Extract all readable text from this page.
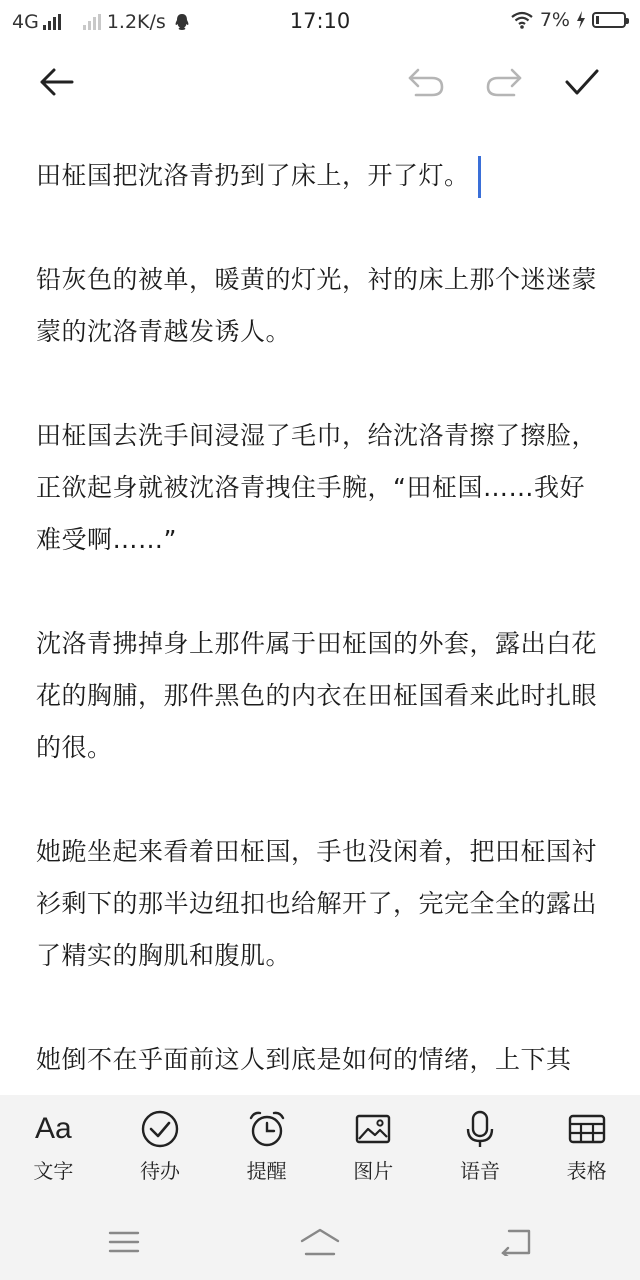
4G	1.2K/s	17:10	7%

田柾国把沈洛青扔到了床上，开了灯。

铅灰色的被单，暖黄的灯光，衬的床上那个迷迷蒙蒙的沈洛青越发诱人。

田柾国去洗手间浸湿了毛巾，给沈洛青擦了擦脸，正欲起身就被沈洛青拽住手腕，“田柾国……我好难受啊……”

沈洛青拂掉身上那件属于田柾国的外套，露出白花花的胸脯，那件黑色的内衣在田柾国看来此时扎眼的很。

她跪坐起来看着田柾国，手也没闲着，把田柾国衬衫剩下的那半边纽扣也给解开了，完完全全的露出了精实的胸肌和腹肌。

她倒不在乎面前这人到底是如何的情绪，上下其

Aa
文字	待办	提醒	图片	语音	表格
